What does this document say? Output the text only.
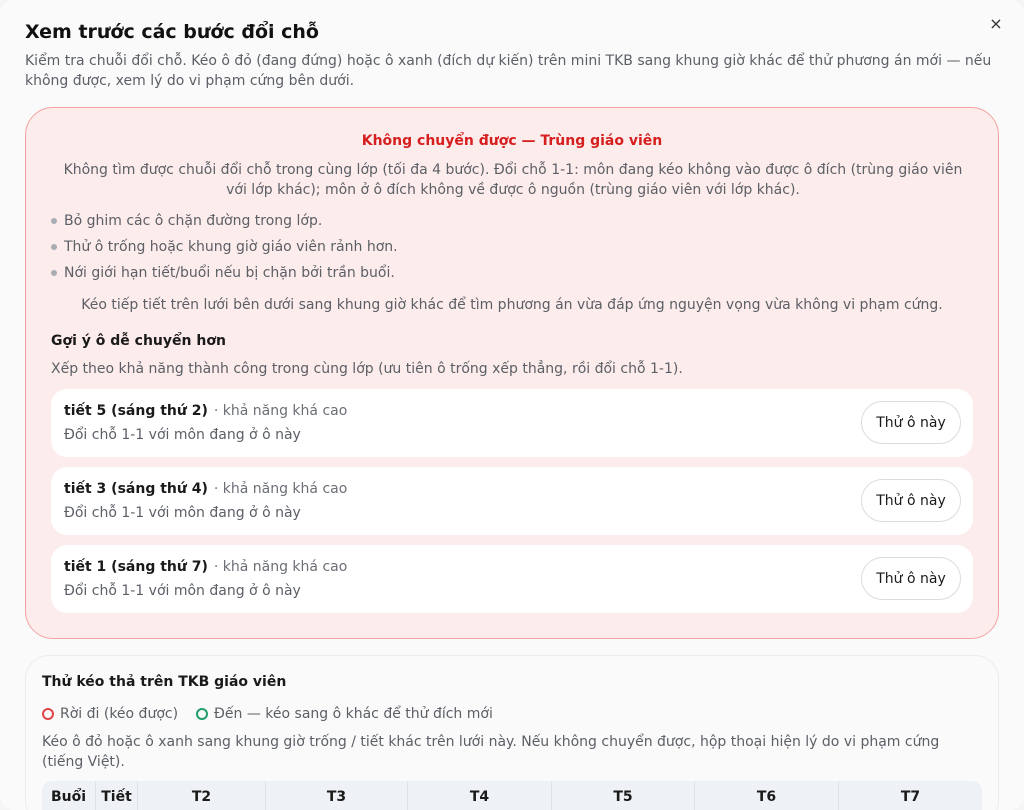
×
Xem trước các bước đổi chỗ
Kiểm tra chuỗi đổi chỗ. Kéo ô đỏ (đang đứng) hoặc ô xanh (đích dự kiến) trên mini TKB sang khung giờ khác để thử phương án mới — nếu không được, xem lý do vi phạm cứng bên dưới.
Không chuyển được — Trùng giáo viên
Không tìm được chuỗi đổi chỗ trong cùng lớp (tối đa 4 bước). Đổi chỗ 1-1: môn đang kéo không vào được ô đích (trùng giáo viên với lớp khác); môn ở ô đích không về được ô nguồn (trùng giáo viên với lớp khác).
Bỏ ghim các ô chặn đường trong lớp.
Thử ô trống hoặc khung giờ giáo viên rảnh hơn.
Nới giới hạn tiết/buổi nếu bị chặn bởi trần buổi.
Kéo tiếp tiết trên lưới bên dưới sang khung giờ khác để tìm phương án vừa đáp ứng nguyện vọng vừa không vi phạm cứng.
Gợi ý ô dễ chuyển hơn
Xếp theo khả năng thành công trong cùng lớp (ưu tiên ô trống xếp thẳng, rồi đổi chỗ 1-1).
tiết 5 (sáng thứ 2) · khả năng khá cao
Đổi chỗ 1-1 với môn đang ở ô này
Thử ô này
tiết 3 (sáng thứ 4) · khả năng khá cao
Đổi chỗ 1-1 với môn đang ở ô này
Thử ô này
tiết 1 (sáng thứ 7) · khả năng khá cao
Đổi chỗ 1-1 với môn đang ở ô này
Thử ô này
Thử kéo thả trên TKB giáo viên
Rời đi (kéo được)	Đến — kéo sang ô khác để thử đích mới
Kéo ô đỏ hoặc ô xanh sang khung giờ trống / tiết khác trên lưới này. Nếu không chuyển được, hộp thoại hiện lý do vi phạm cứng (tiếng Việt).
Buổi	Tiết	T2	T3	T4	T5	T6	T7
